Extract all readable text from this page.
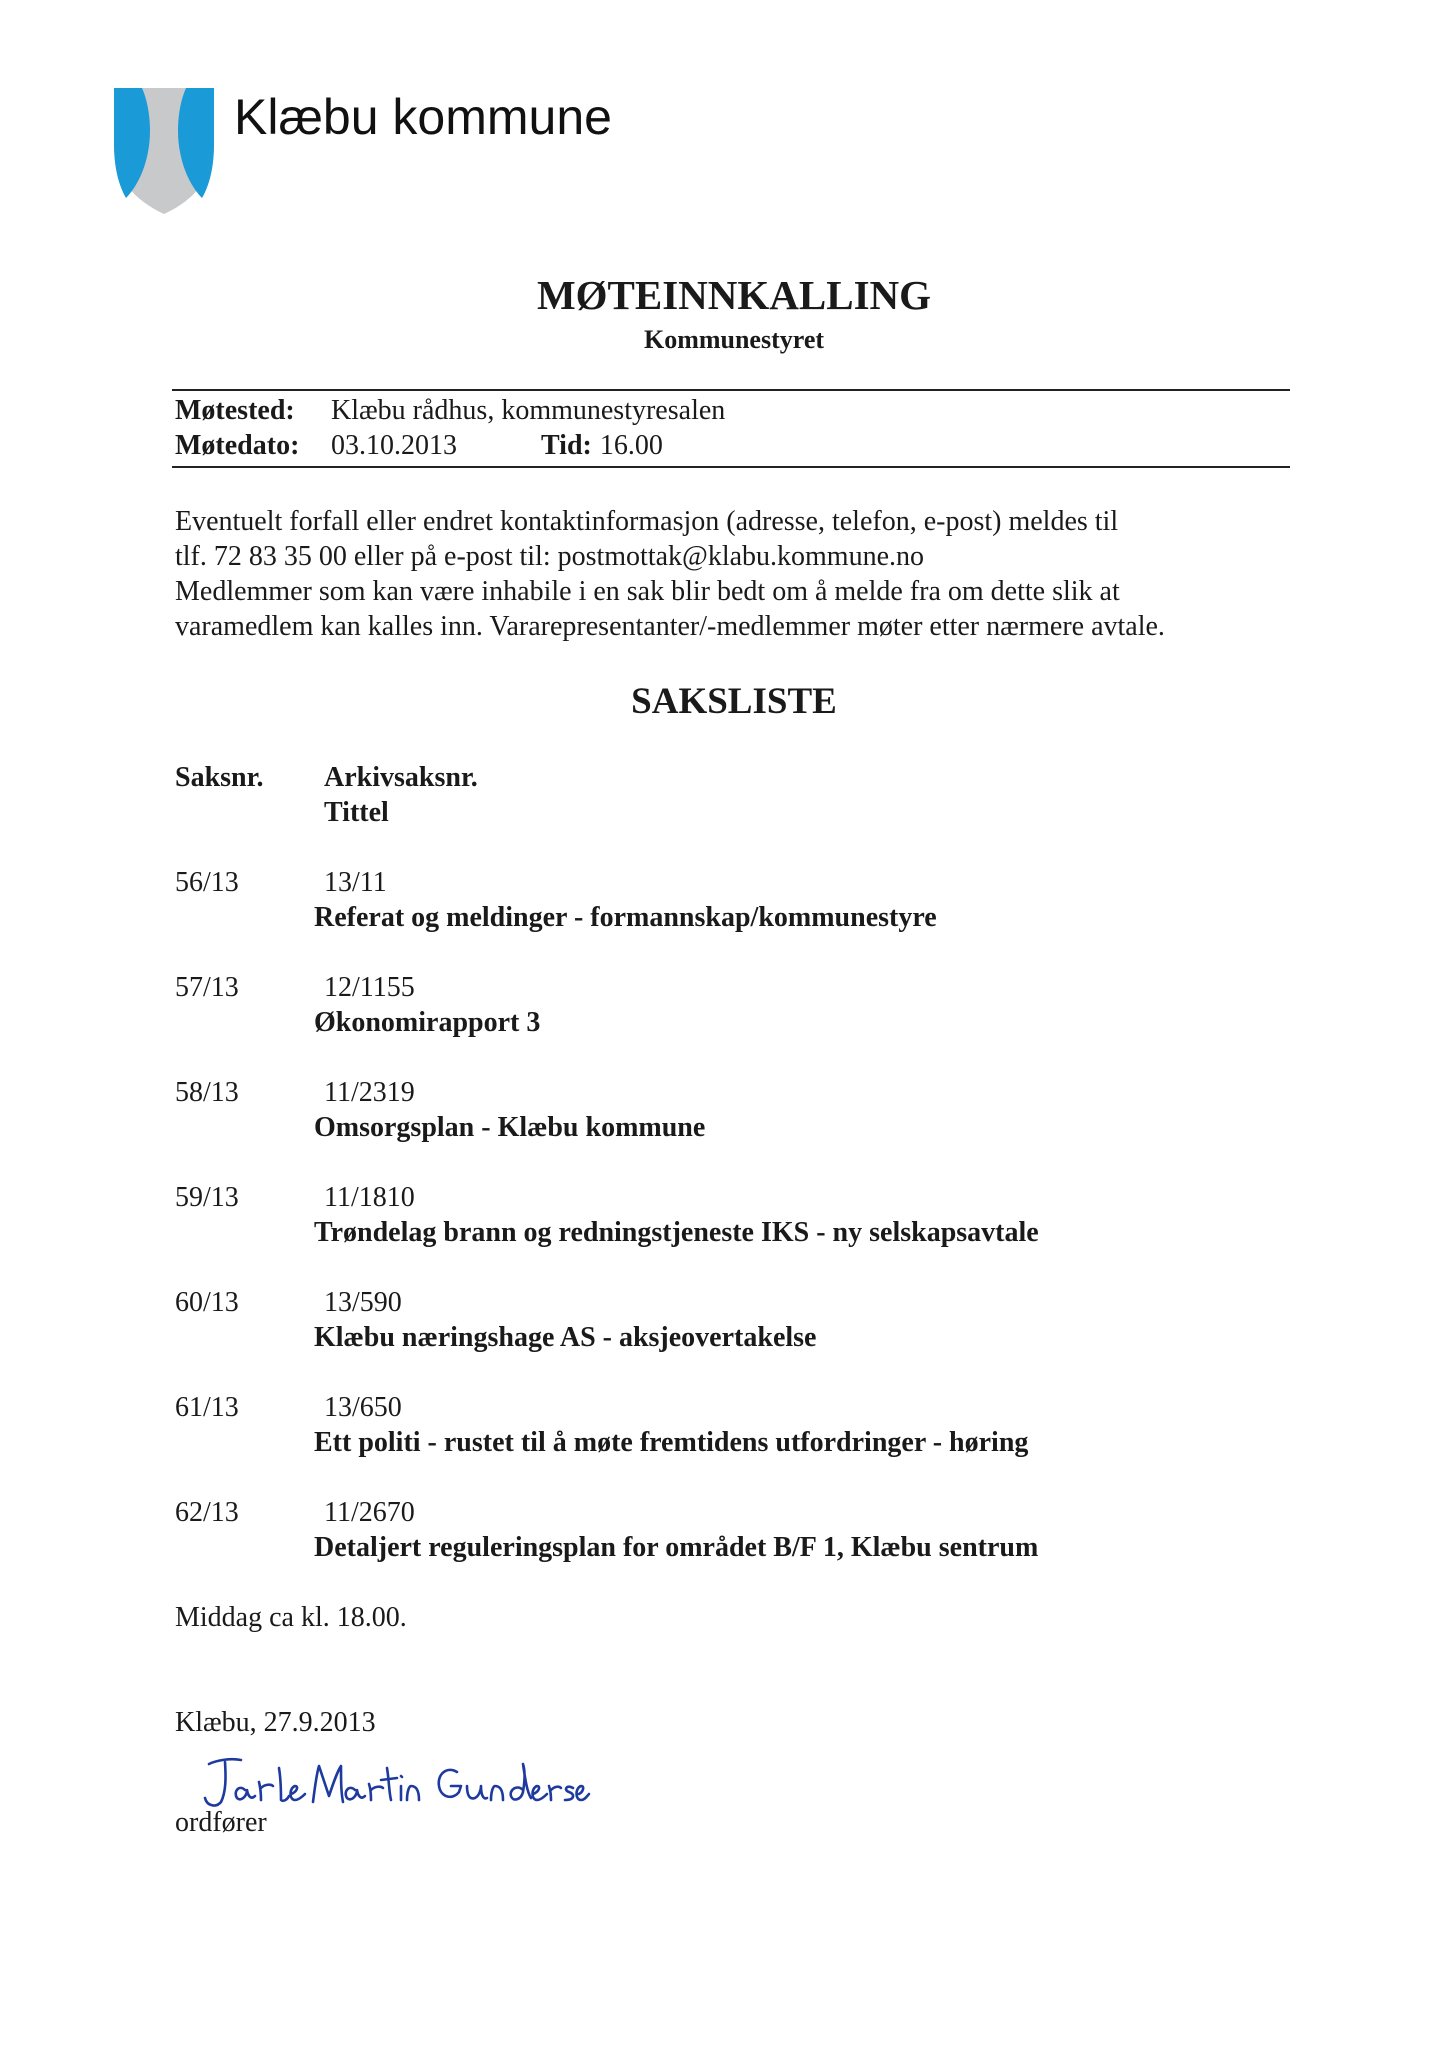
Klæbu kommune
MØTEINNKALLING
Kommunestyret
Møtested: Klæbu rådhus, kommunestyresalen
Møtedato: 03.10.2013	Tid: 16.00
Eventuelt forfall eller endret kontaktinformasjon (adresse, telefon, e-post) meldes til
tlf. 72 83 35 00 eller på e-post til: postmottak@klabu.kommune.no
Medlemmer som kan være inhabile i en sak blir bedt om å melde fra om dette slik at
varamedlem kan kalles inn. Vararepresentanter/-medlemmer møter etter nærmere avtale.
SAKSLISTE
Saksnr. Arkivsaksnr.
Tittel
56/13	13/11
Referat og meldinger - formannskap/kommunestyre
57/13	12/1155
Økonomirapport 3
58/13	11/2319
Omsorgsplan - Klæbu kommune
59/13	11/1810
Trøndelag brann og redningstjeneste IKS - ny selskapsavtale
60/13	13/590
Klæbu næringshage AS - aksjeovertakelse
61/13	13/650
Ett politi - rustet til å møte fremtidens utfordringer - høring
62/13	11/2670
Detaljert reguleringsplan for området B/F 1, Klæbu sentrum
Middag ca kl. 18.00.
Klæbu, 27.9.2013
ordfører
